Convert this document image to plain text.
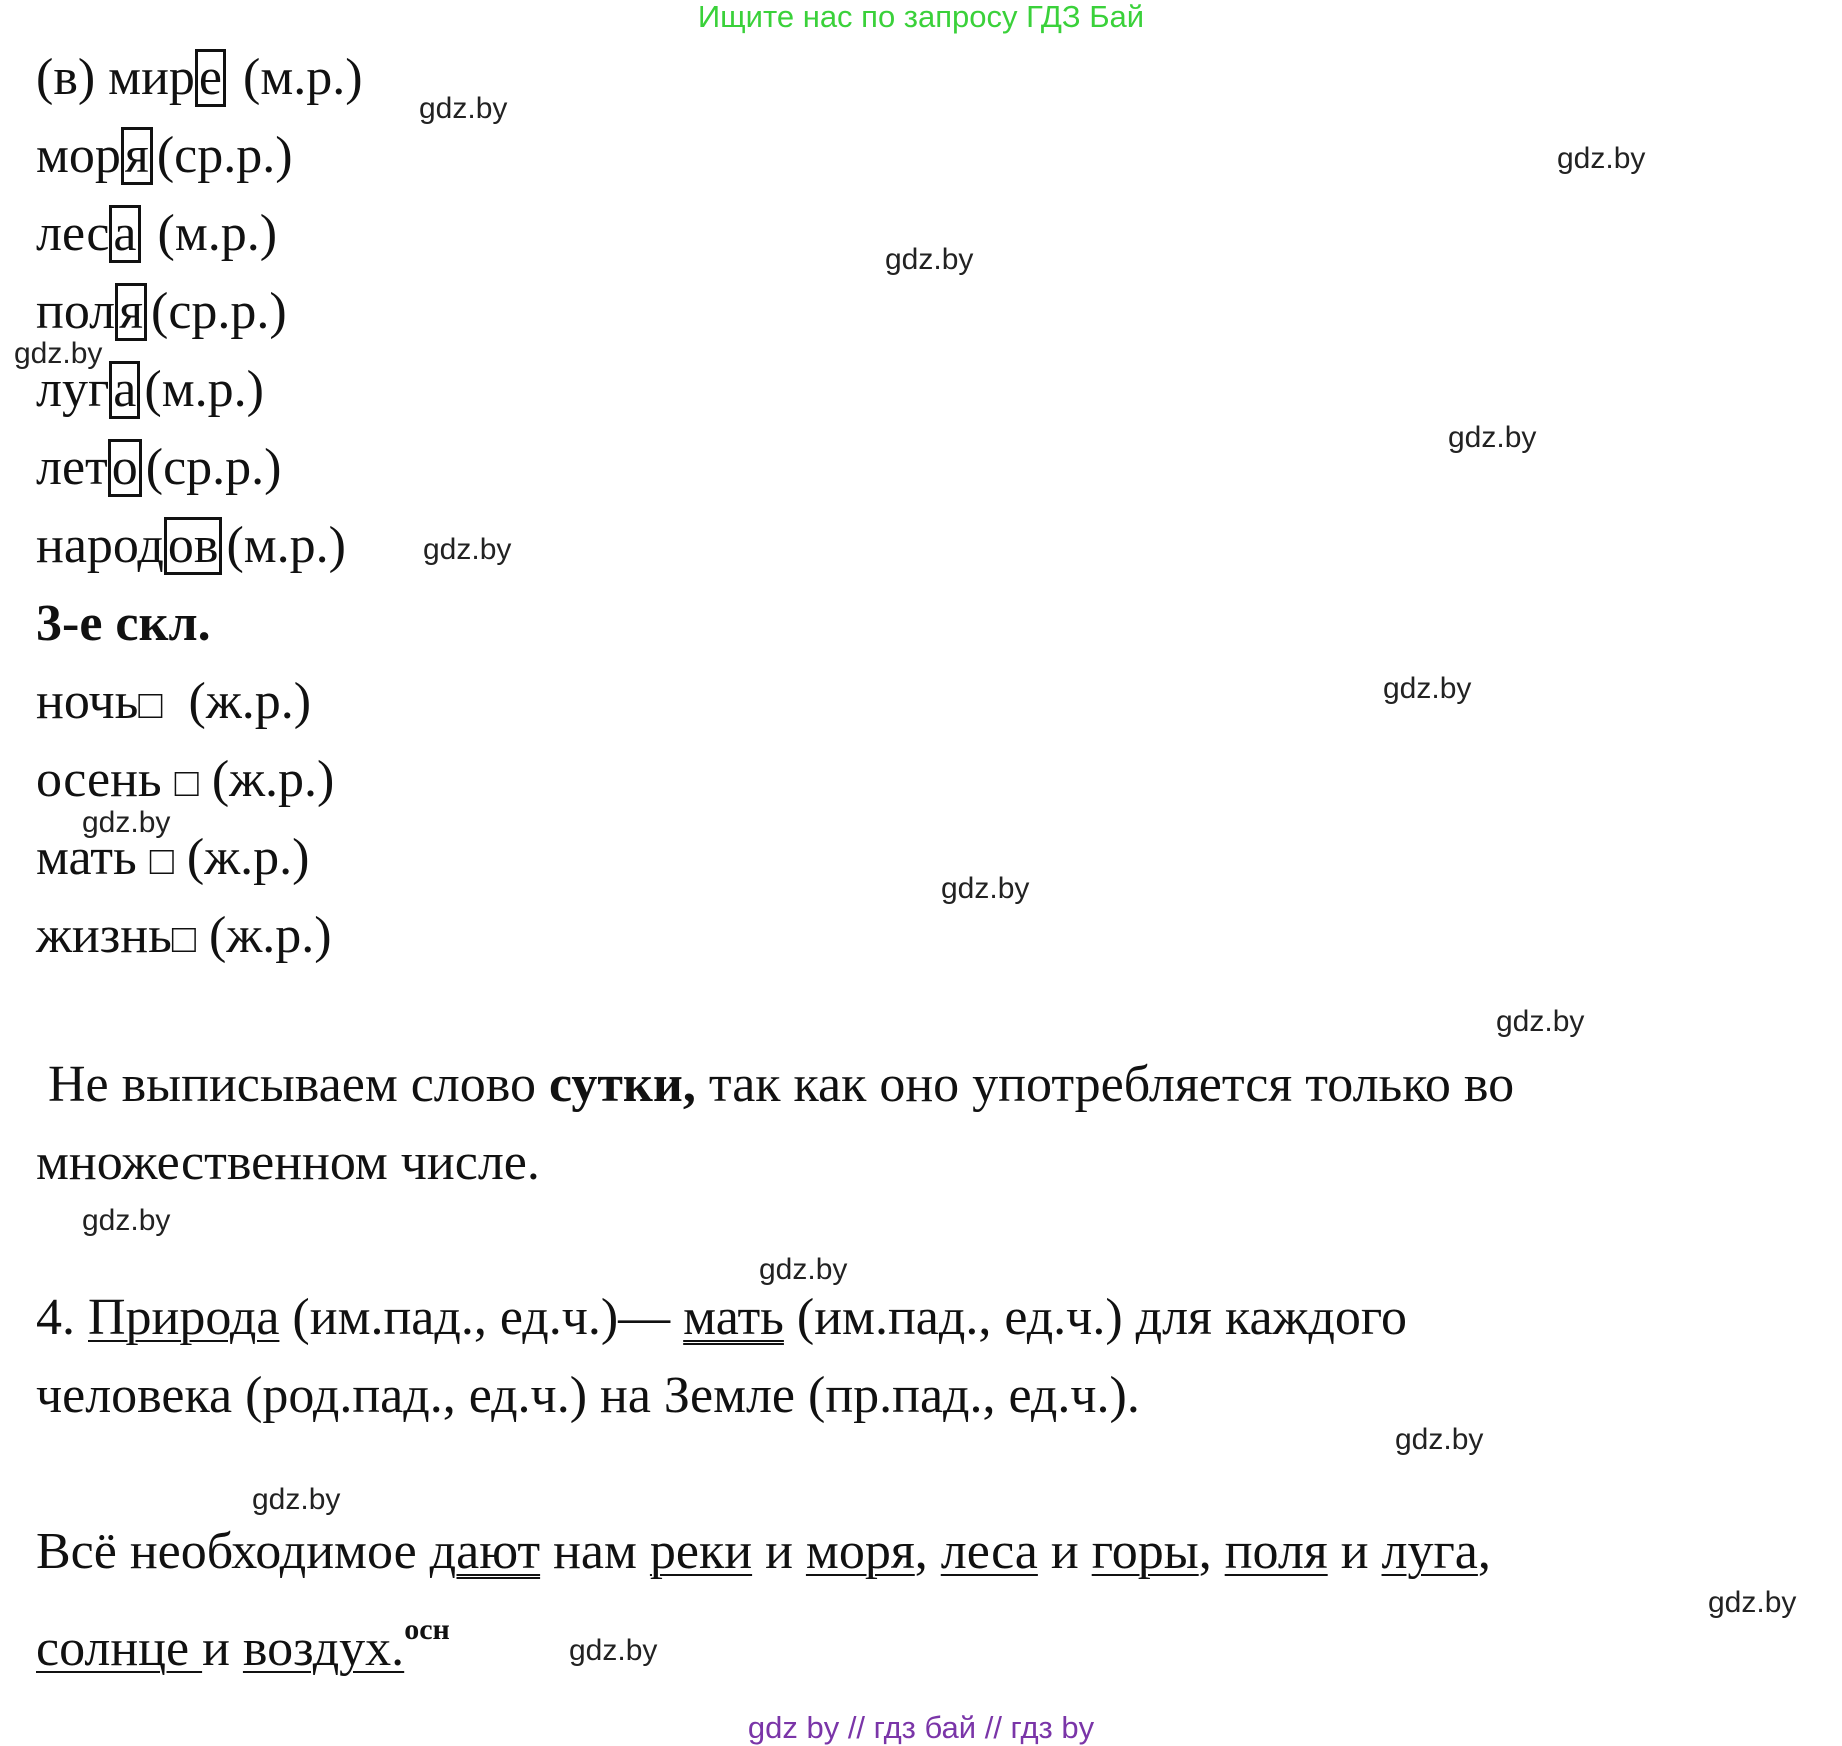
Ищите нас по запросу ГДЗ Бай
(в) мире (м.р.)
моря (ср.р.)
леса (м.р.)
поля (ср.р.)
луга (м.р.)
лето (ср.р.)
народов (м.р.)
3-е скл.
ночь□ (ж.р.)
осень □ (ж.р.)
мать □ (ж.р.)
жизнь□ (ж.р.)
Не выписываем слово сутки, так как оно употребляется только во
множественном числе.
4. Природа (им.пад., ед.ч.)— мать (им.пад., ед.ч.) для каждого
человека (род.пад., ед.ч.) на Земле (пр.пад., ед.ч.).
Всё необходимое дают нам реки и моря, леса и горы, поля и луга,
солнце и воздух.$^{осн}$
gdz.by
gdz.by
gdz.by
gdz.by
gdz.by
gdz.by
gdz.by
gdz.by
gdz.by
gdz.by
gdz.by
gdz.by
gdz.by
gdz.by
gdz.by
gdz.by
gdz by // гдз бай // гдз by
